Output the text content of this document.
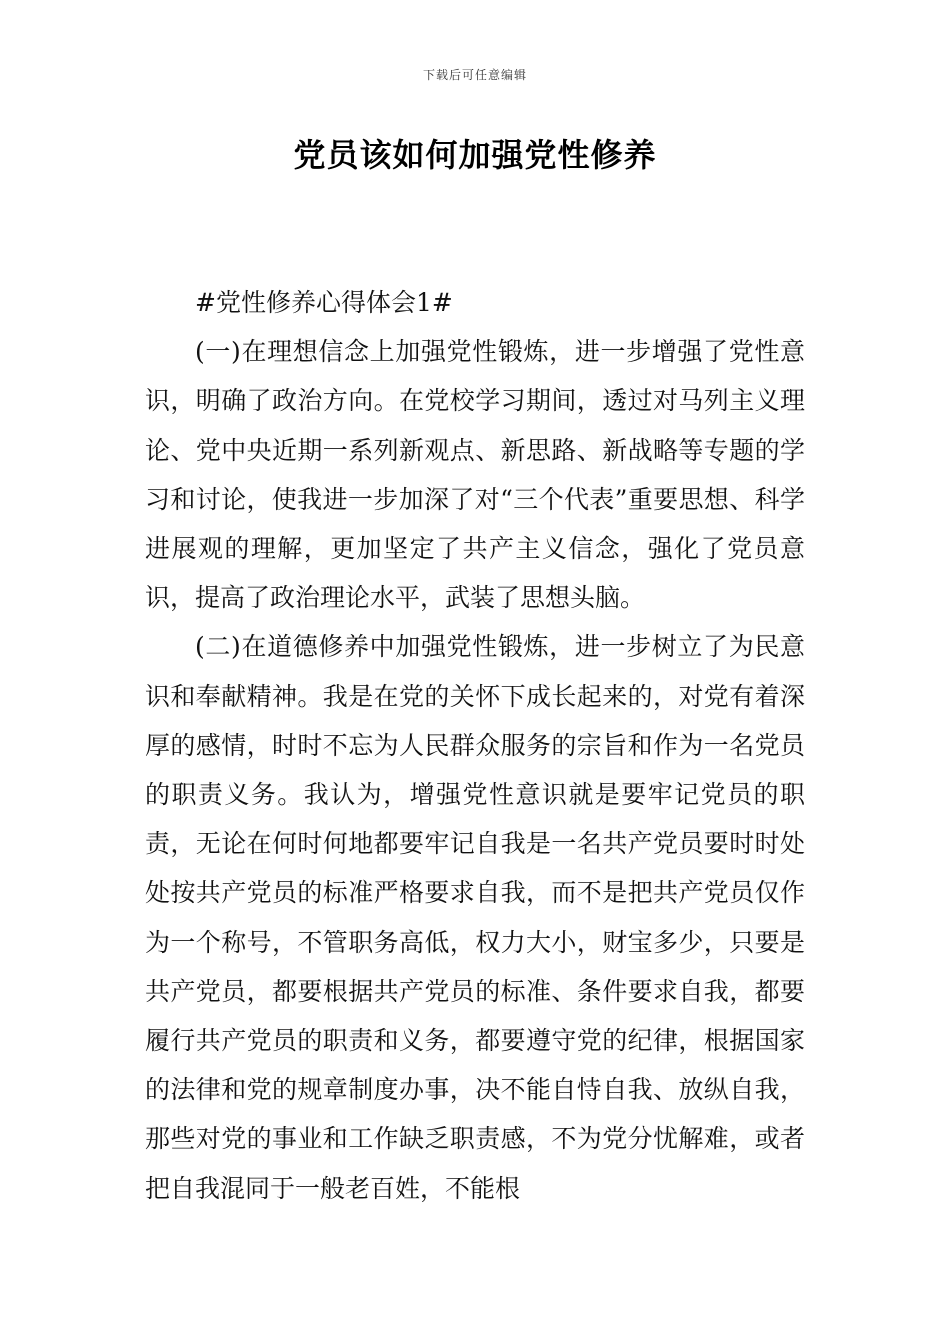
下载后可任意编辑
党员该如何加强党性修养

#党性修养心得体会1#

(一)在理想信念上加强党性锻炼，进一步增强了党性意识，明确了政治方向。在党校学习期间，透过对马列主义理论、党中央近期一系列新观点、新思路、新战略等专题的学习和讨论，使我进一步加深了对“三个代表”重要思想、科学进展观的理解，更加坚定了共产主义信念，强化了党员意识，提高了政治理论水平，武装了思想头脑。

(二)在道德修养中加强党性锻炼，进一步树立了为民意识和奉献精神。我是在党的关怀下成长起来的，对党有着深厚的感情，时时不忘为人民群众服务的宗旨和作为一名党员的职责义务。我认为，增强党性意识就是要牢记党员的职责，无论在何时何地都要牢记自我是一名共产党员要时时处处按共产党员的标准严格要求自我，而不是把共产党员仅作为一个称号，不管职务高低，权力大小，财宝多少，只要是共产党员，都要根据共产党员的标准、条件要求自我，都要履行共产党员的职责和义务，都要遵守党的纪律，根据国家的法律和党的规章制度办事，决不能自恃自我、放纵自我，那些对党的事业和工作缺乏职责感，不为党分忧解难，或者把自我混同于一般老百姓，不能根
